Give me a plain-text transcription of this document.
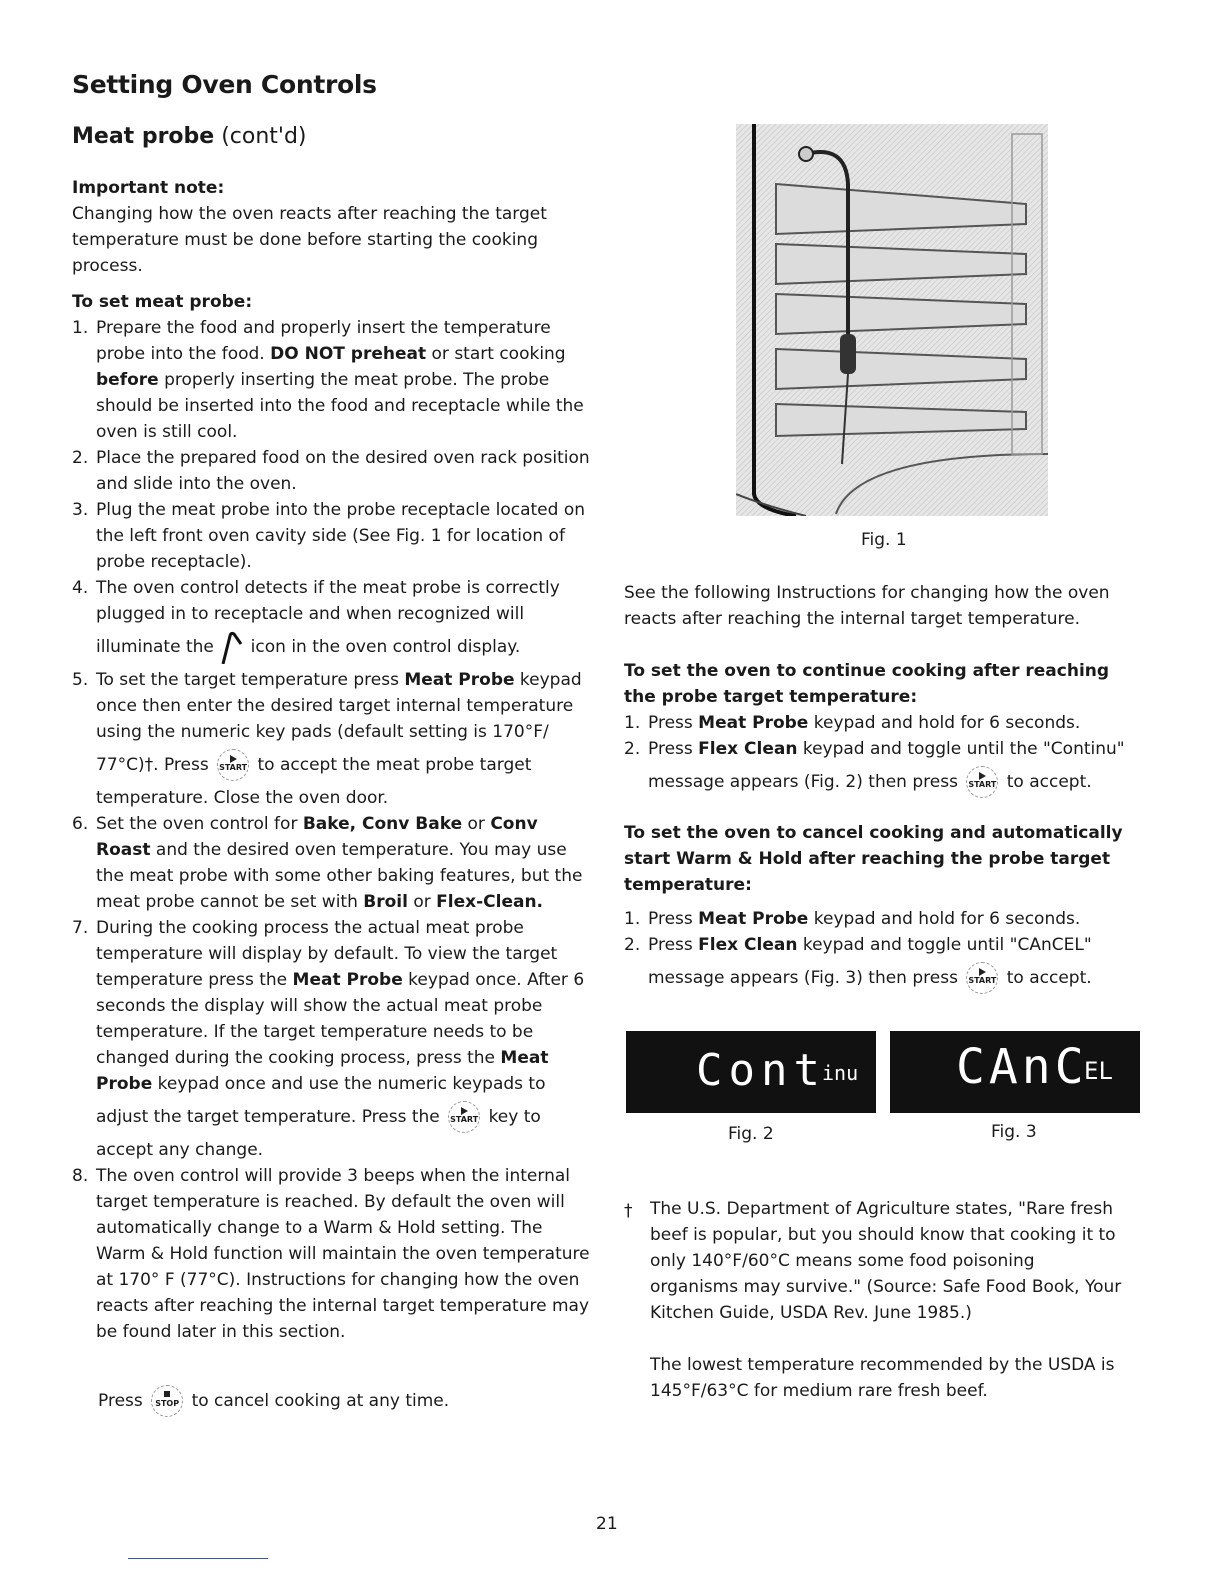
Setting Oven Controls
Meat probe (cont'd)

Important note:

Changing how the oven reacts after reaching the target temperature must be done before starting the cooking process.

To set meat probe:

1. Prepare the food and properly insert the temperature probe into the food. DO NOT preheat or start cooking before properly inserting the meat probe. The probe should be inserted into the food and receptacle while the oven is still cool.
2. Place the prepared food on the desired oven rack position and slide into the oven.
3. Plug the meat probe into the probe receptacle located on the left front oven cavity side (See Fig. 1 for location of probe receptacle).
4. The oven control detects if the meat probe is correctly plugged in to receptacle and when recognized will
illuminate the icon in the oven control display.
5. To set the target temperature press Meat Probe keypad once then enter the desired target internal temperature using the numeric key pads (default setting is 170°F/
77°C)†. Press START to accept the meat probe target
temperature. Close the oven door.
6. Set the oven control for Bake, Conv Bake or Conv Roast and the desired oven temperature. You may use the meat probe with some other baking features, but the meat probe cannot be set with Broil or Flex-Clean.
7. During the cooking process the actual meat probe temperature will display by default. To view the target temperature press the Meat Probe keypad once. After 6 seconds the display will show the actual meat probe temperature. If the target temperature needs to be changed during the cooking process, press the Meat Probe keypad once and use the numeric keypads to
adjust the target temperature. Press the START key to
accept any change.
8. The oven control will provide 3 beeps when the internal target temperature is reached. By default the oven will automatically change to a Warm & Hold setting. The Warm & Hold function will maintain the oven temperature at 170° F (77°C). Instructions for changing how the oven reacts after reaching the internal target temperature may be found later in this section.
Press STOP to cancel cooking at any time.
Fig. 1

See the following Instructions for changing how the oven reacts after reaching the internal target temperature.

To set the oven to continue cooking after reaching the probe target temperature:

1. Press Meat Probe keypad and hold for 6 seconds.
2. Press Flex Clean keypad and toggle until the "Continu"
message appears (Fig. 2) then press START to accept.

To set the oven to cancel cooking and automatically start Warm & Hold after reaching the probe target temperature:

1. Press Meat Probe keypad and hold for 6 seconds.
2. Press Flex Clean keypad and toggle until "CAnCEL"
message appears (Fig. 3) then press START to accept.
Cont
inu CAnC
EL
Fig. 2	Fig. 3
†	The U.S. Department of Agriculture states, "Rare fresh beef is popular, but you should know that cooking it to only 140°F/60°C means some food poisoning organisms may survive." (Source: Safe Food Book, Your Kitchen Guide, USDA Rev. June 1985.)

The lowest temperature recommended by the USDA is 145°F/63°C for medium rare fresh beef.

21
